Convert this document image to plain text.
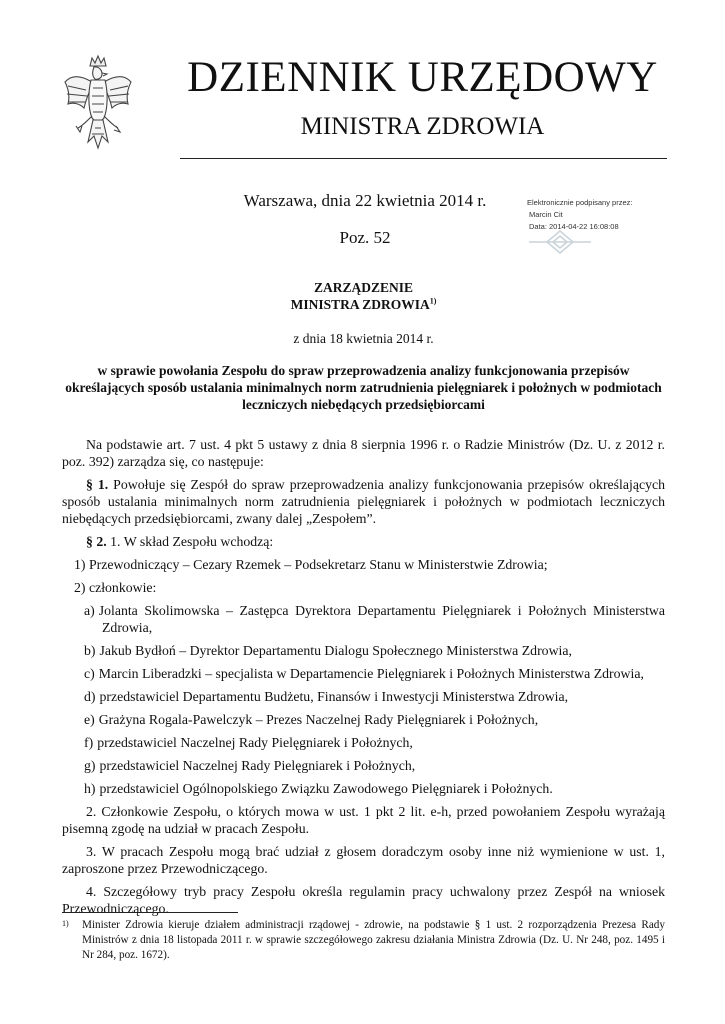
DZIENNIK URZĘDOWY
MINISTRA ZDROWIA
Warszawa, dnia 22 kwietnia 2014 r.
Poz. 52
Elektronicznie podpisany przez:
Marcin Cit
Data: 2014-04-22 16:08:08
ZARZĄDZENIE
MINISTRA ZDROWIA$^{1)}$
z dnia 18 kwietnia 2014 r.
w sprawie powołania Zespołu do spraw przeprowadzenia analizy funkcjonowania przepisów
określających sposób ustalania minimalnych norm zatrudnienia pielęgniarek i położnych w podmiotach
leczniczych niebędących przedsiębiorcami

Na podstawie art. 7 ust. 4 pkt 5 ustawy z dnia 8 sierpnia 1996 r. o Radzie Ministrów (Dz. U. z 2012 r. poz. 392) zarządza się, co następuje:

§ 1. Powołuje się Zespół do spraw przeprowadzenia analizy funkcjonowania przepisów określających sposób ustalania minimalnych norm zatrudnienia pielęgniarek i położnych w podmiotach leczniczych niebędących przedsiębiorcami, zwany dalej „Zespołem”.

§ 2. 1. W skład Zespołu wchodzą:

1) Przewodniczący – Cezary Rzemek – Podsekretarz Stanu w Ministerstwie Zdrowia;
2) członkowie:
a) Jolanta Skolimowska – Zastępca Dyrektora Departamentu Pielęgniarek i Położnych Ministerstwa Zdrowia,
b) Jakub Bydłoń – Dyrektor Departamentu Dialogu Społecznego Ministerstwa Zdrowia,
c) Marcin Liberadzki – specjalista w Departamencie Pielęgniarek i Położnych Ministerstwa Zdrowia,
d) przedstawiciel Departamentu Budżetu, Finansów i Inwestycji Ministerstwa Zdrowia,
e) Grażyna Rogala-Pawelczyk – Prezes Naczelnej Rady Pielęgniarek i Położnych,
f) przedstawiciel Naczelnej Rady Pielęgniarek i Położnych,
g) przedstawiciel Naczelnej Rady Pielęgniarek i Położnych,
h) przedstawiciel Ogólnopolskiego Związku Zawodowego Pielęgniarek i Położnych.

2. Członkowie Zespołu, o których mowa w ust. 1 pkt 2 lit. e-h, przed powołaniem Zespołu wyrażają pisemną zgodę na udział w pracach Zespołu.

3. W pracach Zespołu mogą brać udział z głosem doradczym osoby inne niż wymienione w ust. 1, zaproszone przez Przewodniczącego.

4. Szczegółowy tryb pracy Zespołu określa regulamin pracy uchwalony przez Zespół na wniosek Przewodniczącego.

1) Minister Zdrowia kieruje działem administracji rządowej - zdrowie, na podstawie § 1 ust. 2 rozporządzenia Prezesa Rady Ministrów z dnia 18 listopada 2011 r. w sprawie szczegółowego zakresu działania Ministra Zdrowia (Dz. U. Nr 248, poz. 1495 i Nr 284, poz. 1672).
